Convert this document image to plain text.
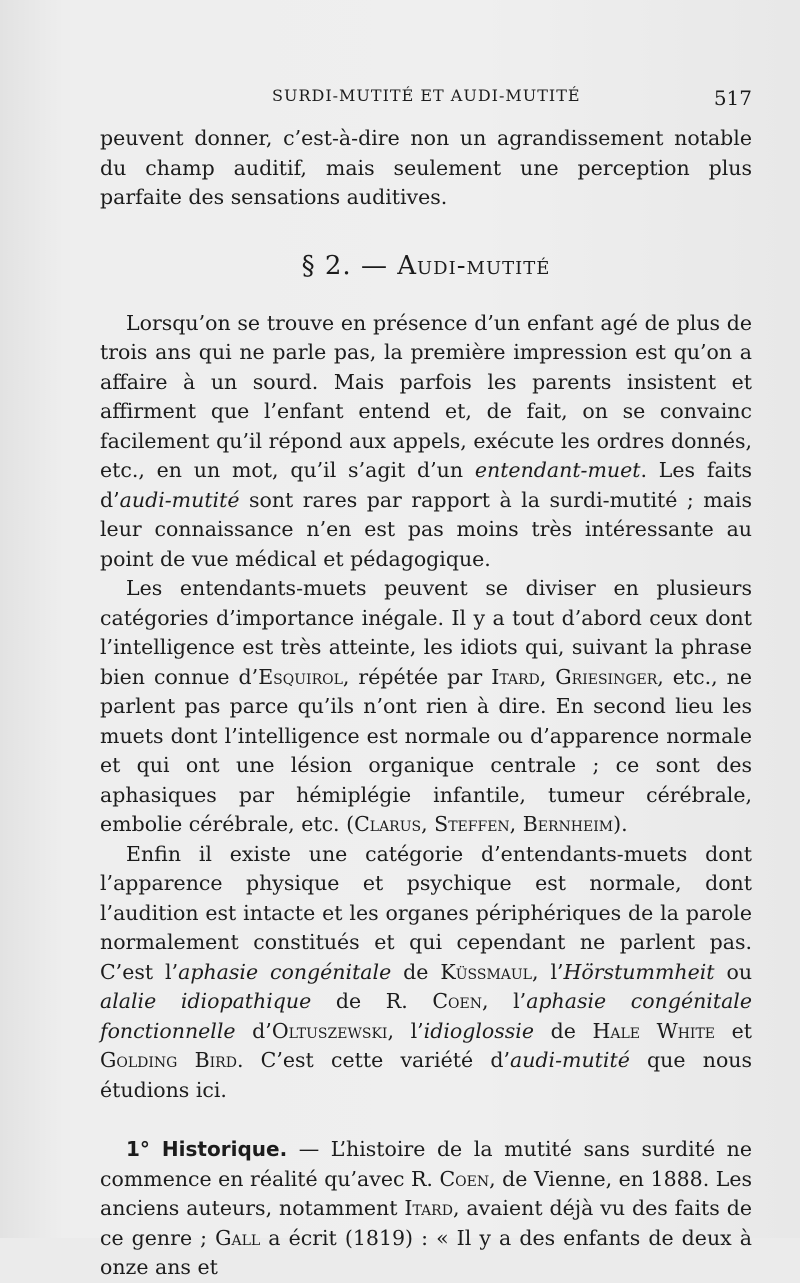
SURDI-MUTITÉ ET AUDI-MUTITÉ	517

peuvent donner, c’est-à-dire non un agrandissement notable du champ auditif, mais seulement une perception plus parfaite des sensations auditives.

§ 2. — Audi-mutité

Lorsqu’on se trouve en présence d’un enfant agé de plus de trois ans qui ne parle pas, la première impression est qu’on a affaire à un sourd. Mais parfois les parents insistent et affirment que l’enfant entend et, de fait, on se convainc facilement qu’il répond aux appels, exécute les ordres donnés, etc., en un mot, qu’il s’agit d’un entendant-muet. Les faits d’audi-mutité sont rares par rapport à la surdi-mutité ; mais leur connaissance n’en est pas moins très intéressante au point de vue médical et pédagogique.

Les entendants-muets peuvent se diviser en plusieurs catégories d’importance inégale. Il y a tout d’abord ceux dont l’intelligence est très atteinte, les idiots qui, suivant la phrase bien connue d’Esquirol, répétée par Itard, Griesinger, etc., ne parlent pas parce qu’ils n’ont rien à dire. En second lieu les muets dont l’intelligence est normale ou d’apparence normale et qui ont une lésion organique centrale ; ce sont des aphasiques par hémiplégie infantile, tumeur cérébrale, embolie cérébrale, etc. (Clarus, Steffen, Bernheim).

Enfin il existe une catégorie d’entendants-muets dont l’apparence physique et psychique est normale, dont l’audition est intacte et les organes périphériques de la parole normalement constitués et qui cependant ne parlent pas. C’est l’aphasie congénitale de Küssmaul, l’Hörstummheit ou alalie idiopathique de R. Coen, l’aphasie congénitale fonctionnelle d’Oltuszewski, l’idioglossie de Hale White et Golding Bird. C’est cette variété d’audi-mutité que nous étudions ici.

1° Historique. — L’histoire de la mutité sans surdité ne commence en réalité qu’avec R. Coen, de Vienne, en 1888. Les anciens auteurs, notamment Itard, avaient déjà vu des faits de ce genre ; Gall a écrit (1819) : « Il y a des enfants de deux à onze ans et
